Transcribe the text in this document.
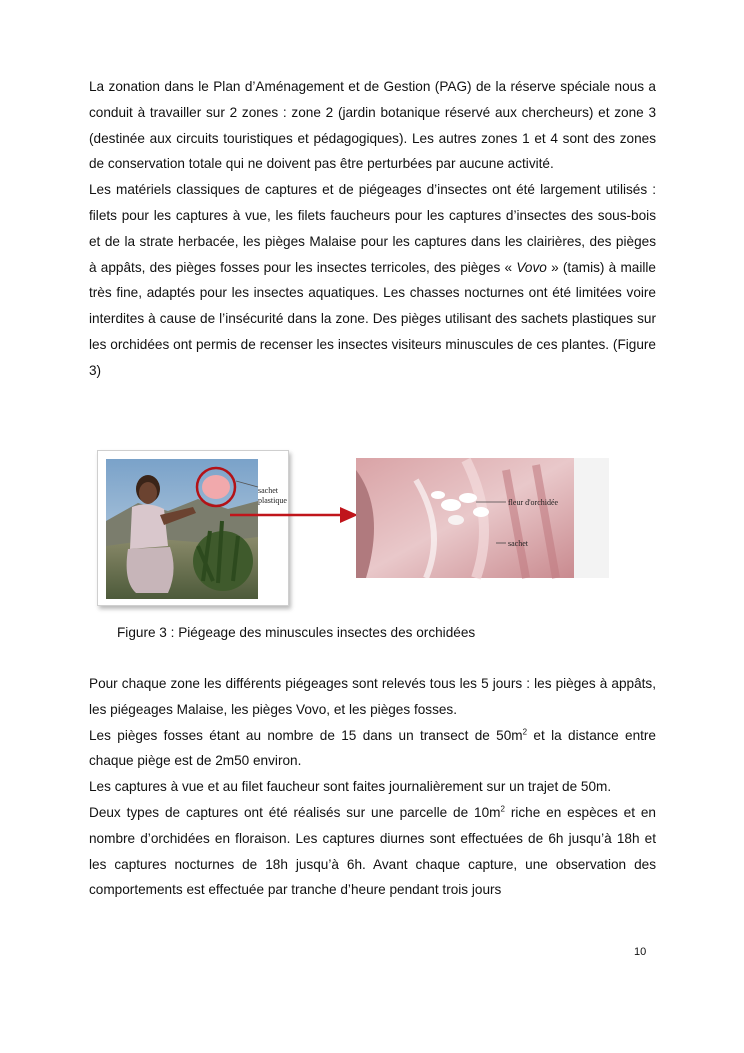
La zonation dans le Plan d’Aménagement et de Gestion (PAG) de la réserve spéciale nous a conduit à travailler sur 2 zones : zone 2 (jardin botanique réservé aux chercheurs) et zone 3 (destinée aux circuits touristiques et pédagogiques). Les autres zones 1 et 4 sont des zones de conservation totale qui ne doivent pas être perturbées par aucune activité.

Les matériels classiques de captures et de piégeages d’insectes ont été largement utilisés : filets pour les captures à vue, les filets faucheurs pour les captures d’insectes des sous-bois et de la strate herbacée, les pièges Malaise pour les captures dans les clairières, des pièges à appâts, des pièges fosses pour les insectes terricoles, des pièges « Vovo » (tamis) à maille très fine, adaptés pour les insectes aquatiques. Les chasses nocturnes ont été limitées voire interdites à cause de l’insécurité dans la zone. Des pièges utilisant des sachets plastiques sur les orchidées ont permis de recenser les insectes visiteurs minuscules de ces plantes. (Figure 3)

sachet
plastique	fleur d'orchidée
sachet
Figure 3 : Piégeage des minuscules insectes des orchidées

Pour chaque zone les différents piégeages sont relevés tous les 5 jours : les pièges à appâts, les piégeages Malaise, les pièges Vovo, et les pièges fosses.

Les pièges fosses étant au nombre de 15 dans un transect de $50m^2$ et la distance entre chaque piège est de 2m50 environ.

Les captures à vue et au filet faucheur sont faites journalièrement sur un trajet de 50m.

Deux types de captures ont été réalisés sur une parcelle de $10m^2$ riche en espèces et en nombre d’orchidées en floraison. Les captures diurnes sont effectuées de 6h jusqu’à 18h et les captures nocturnes de 18h jusqu’à 6h. Avant chaque capture, une observation des comportements est effectuée par tranche d’heure pendant trois jours

10
